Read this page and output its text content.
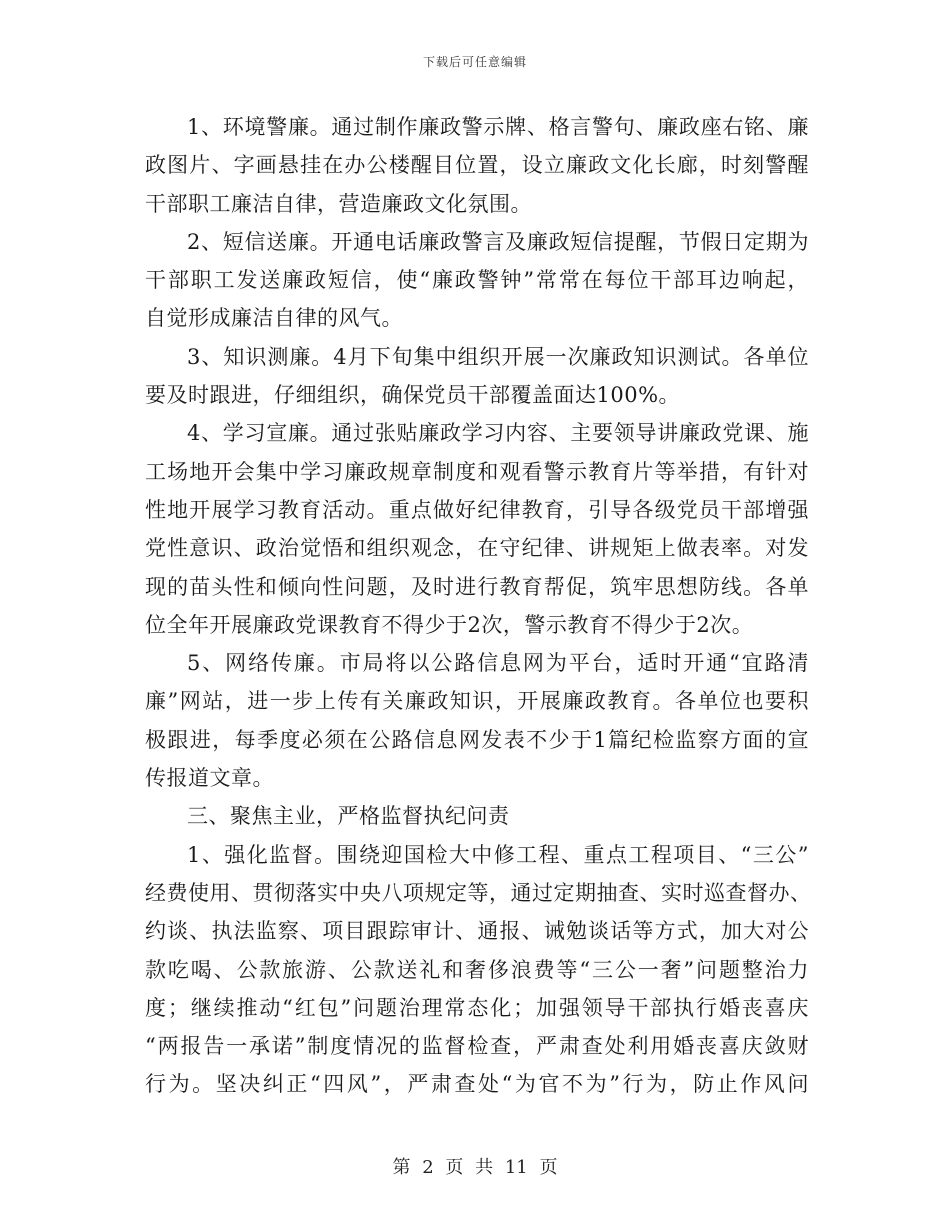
下载后可任意编辑
1、环境警廉。通过制作廉政警示牌、格言警句、廉政座右铭、廉
政图片、字画悬挂在办公楼醒目位置，设立廉政文化长廊，时刻警醒
干部职工廉洁自律，营造廉政文化氛围。
2、短信送廉。开通电话廉政警言及廉政短信提醒，节假日定期为
干部职工发送廉政短信，使“廉政警钟”常常在每位干部耳边响起，
自觉形成廉洁自律的风气。
3、知识测廉。4月下旬集中组织开展一次廉政知识测试。各单位
要及时跟进，仔细组织，确保党员干部覆盖面达100%。
4、学习宣廉。通过张贴廉政学习内容、主要领导讲廉政党课、施
工场地开会集中学习廉政规章制度和观看警示教育片等举措，有针对
性地开展学习教育活动。重点做好纪律教育，引导各级党员干部增强
党性意识、政治觉悟和组织观念，在守纪律、讲规矩上做表率。对发
现的苗头性和倾向性问题，及时进行教育帮促，筑牢思想防线。各单
位全年开展廉政党课教育不得少于2次，警示教育不得少于2次。
5、网络传廉。市局将以公路信息网为平台，适时开通“宜路清
廉”网站，进一步上传有关廉政知识，开展廉政教育。各单位也要积
极跟进，每季度必须在公路信息网发表不少于1篇纪检监察方面的宣
传报道文章。
三、聚焦主业，严格监督执纪问责
1、强化监督。围绕迎国检大中修工程、重点工程项目、“三公”
经费使用、贯彻落实中央八项规定等，通过定期抽查、实时巡查督办、
约谈、执法监察、项目跟踪审计、通报、诫勉谈话等方式，加大对公
款吃喝、公款旅游、公款送礼和奢侈浪费等“三公一奢”问题整治力
度；继续推动“红包”问题治理常态化；加强领导干部执行婚丧喜庆
“两报告一承诺”制度情况的监督检查，严肃查处利用婚丧喜庆敛财
行为。坚决纠正“四风”，严肃查处“为官不为”行为，防止作风问
第 2 页 共 11 页
